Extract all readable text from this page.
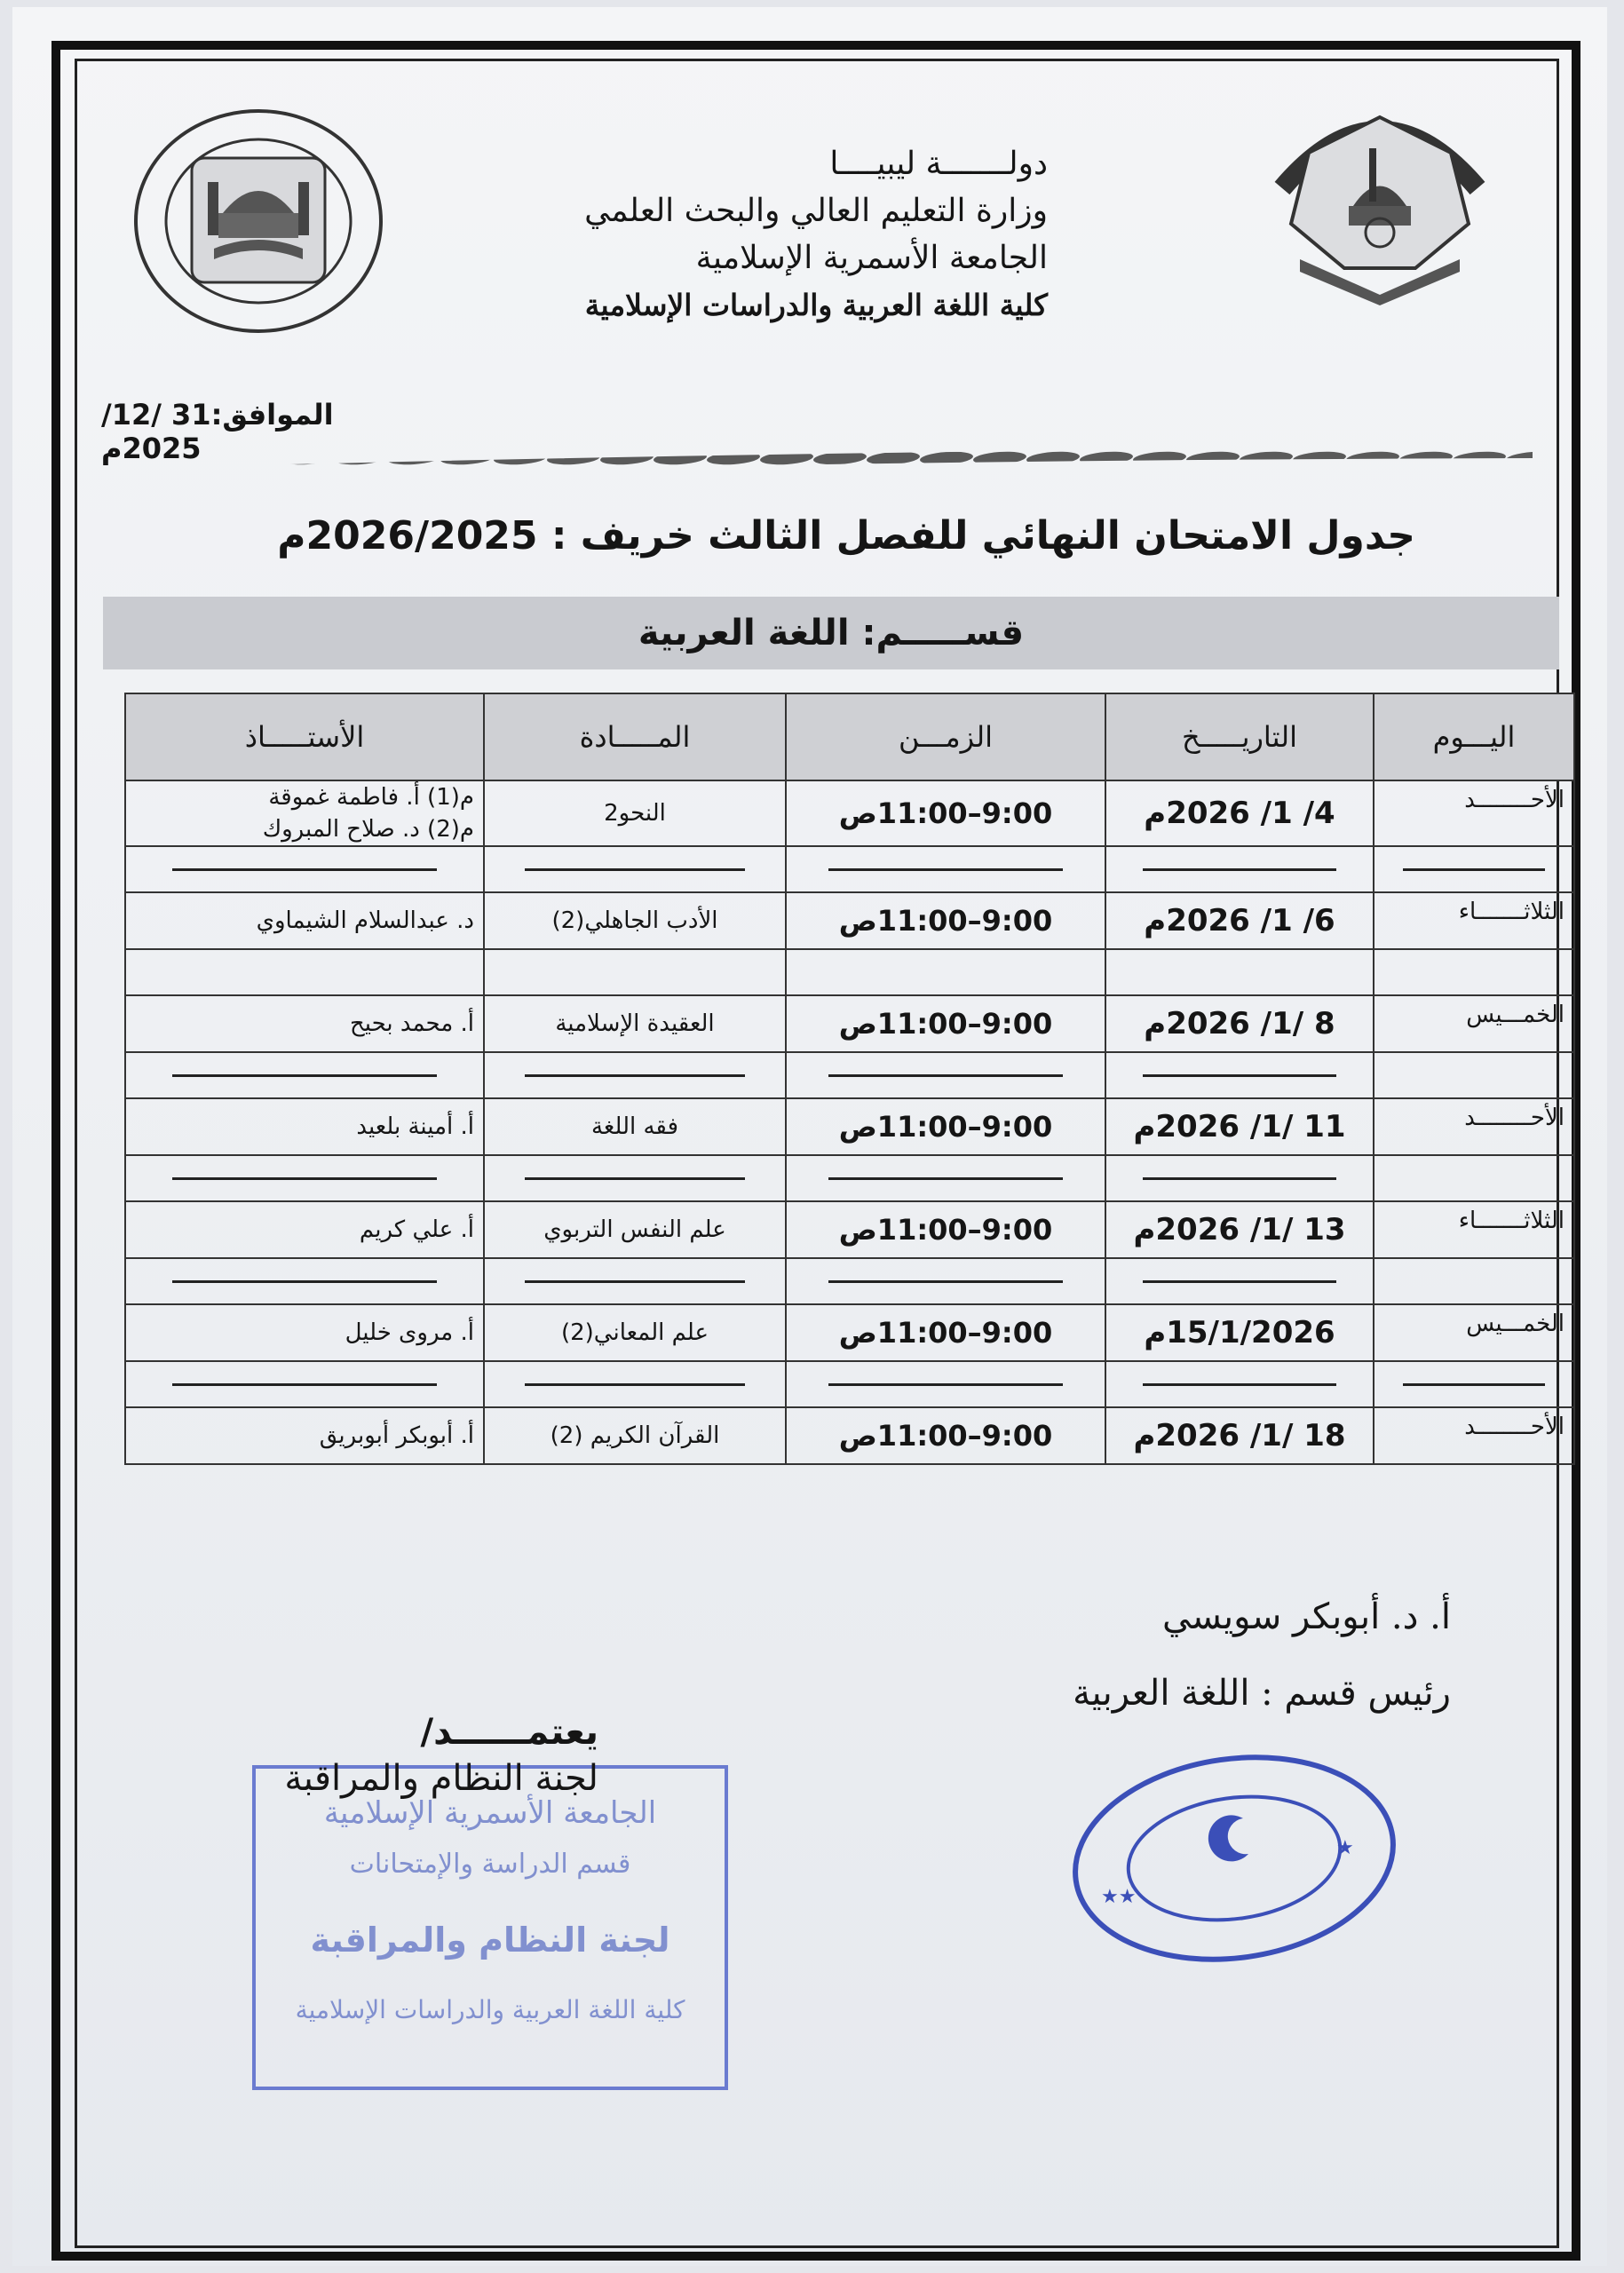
دولـــــــة ليبيــــا
وزارة التعليم العالي والبحث العلمي
الجامعة الأسمرية الإسلامية
كلية اللغة العربية والدراسات الإسلامية
الموافق:31 /12/ 2025م
جدول الامتحان النهائي للفصل الثالث خريف : 2026/2025م
قســـــم: اللغة العربية
اليـــوم	التاريـــــخ	الزمـــن	المـــــادة	الأستـــــاذ
الأحــــــــد	4/ 1/ 2026م	9:00–11:00ص	النحو2	م(1) أ. فاطمة غموقة
م(2) د. صلاح المبروك

الثلاثـــــــاء	6/ 1/ 2026م	9:00–11:00ص	الأدب الجاهلي(2)	د. عبدالسلام الشيماوي

الخمـــيس	8 /1/ 2026م	9:00–11:00ص	العقيدة الإسلامية	أ. محمد بحيح

الأحــــــــد	11 /1/ 2026م	9:00–11:00ص	فقه اللغة	أ. أمينة بلعيد

الثلاثـــــــاء	13 /1/ 2026م	9:00–11:00ص	علم النفس التربوي	أ. علي كريم

الخمـــيس	15/1/2026م	9:00–11:00ص	علم المعاني(2)	أ. مروى خليل

الأحــــــــد	18 /1/ 2026م	9:00–11:00ص	القرآن الكريم (2)	أ. أبوبكر أبوبريق
أ. د. أبوبكر سويسي
رئيس قسم : اللغة العربية
الجامعة الأسمرية الإسلامية
قسم الدراسة والإمتحانات
لجنة النظام والمراقبة
كلية اللغة العربية والدراسات الإسلامية
يعتمــــــد/
لجنة النظام والمراقبة
★
★★
